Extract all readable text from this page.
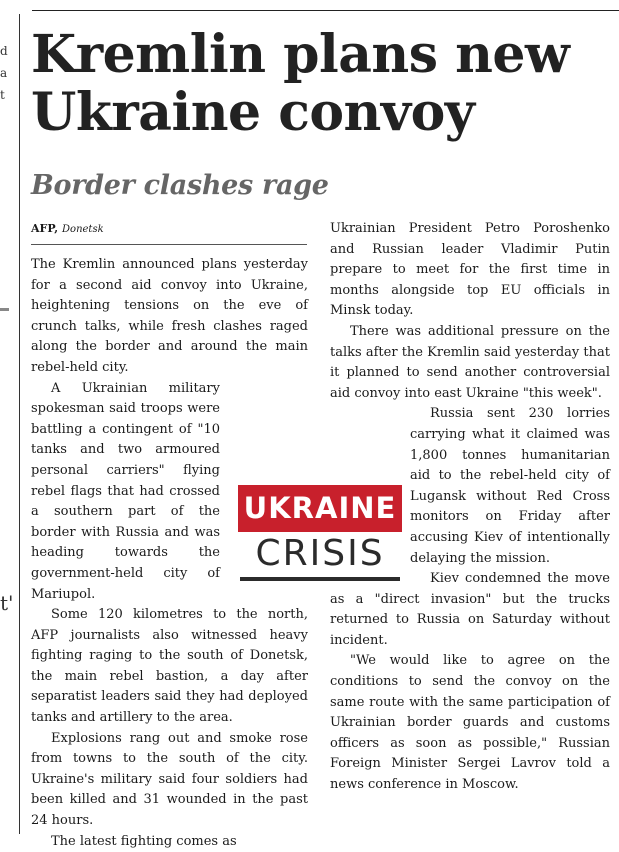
d
a
t
t'
Kremlin plans new Ukraine convoy
Border clashes rage
AFP, Donetsk

The Kremlin announced plans yesterday for a second aid convoy into Ukraine, heightening tensions on the eve of crunch talks, while fresh clashes raged along the border and around the main rebel-held city.

A Ukrainian military spokesman said troops were battling a contingent of "10 tanks and two armoured personal carriers" flying rebel flags that had crossed a southern part of the border with Russia and was heading towards the government-held city of Mariupol.

Some 120 kilometres to the north, AFP journalists also witnessed heavy fighting raging to the south of Donetsk, the main rebel bastion, a day after separatist leaders said they had deployed tanks and artillery to the area.

Explosions rang out and smoke rose from towns to the south of the city. Ukraine's military said four soldiers had been killed and 31 wounded in the past 24 hours.

The latest fighting comes as

Ukrainian President Petro Poroshenko and Russian leader Vladimir Putin prepare to meet for the first time in months alongside top EU officials in Minsk today.

There was additional pressure on the talks after the Kremlin said yesterday that it planned to send another controversial aid convoy into east Ukraine "this week".

Russia sent 230 lorries carrying what it claimed was 1,800 tonnes humanitarian aid to the rebel-held city of Lugansk without Red Cross monitors on Friday after accusing Kiev of intentionally delaying the mission.

Kiev condemned the move as a "direct invasion" but the trucks returned to Russia on Saturday without incident.

"We would like to agree on the conditions to send the convoy on the same route with the same participation of Ukrainian border guards and customs officers as soon as possible," Russian Foreign Minister Sergei Lavrov told a news conference in Moscow.

UKRAINE
CRISIS
